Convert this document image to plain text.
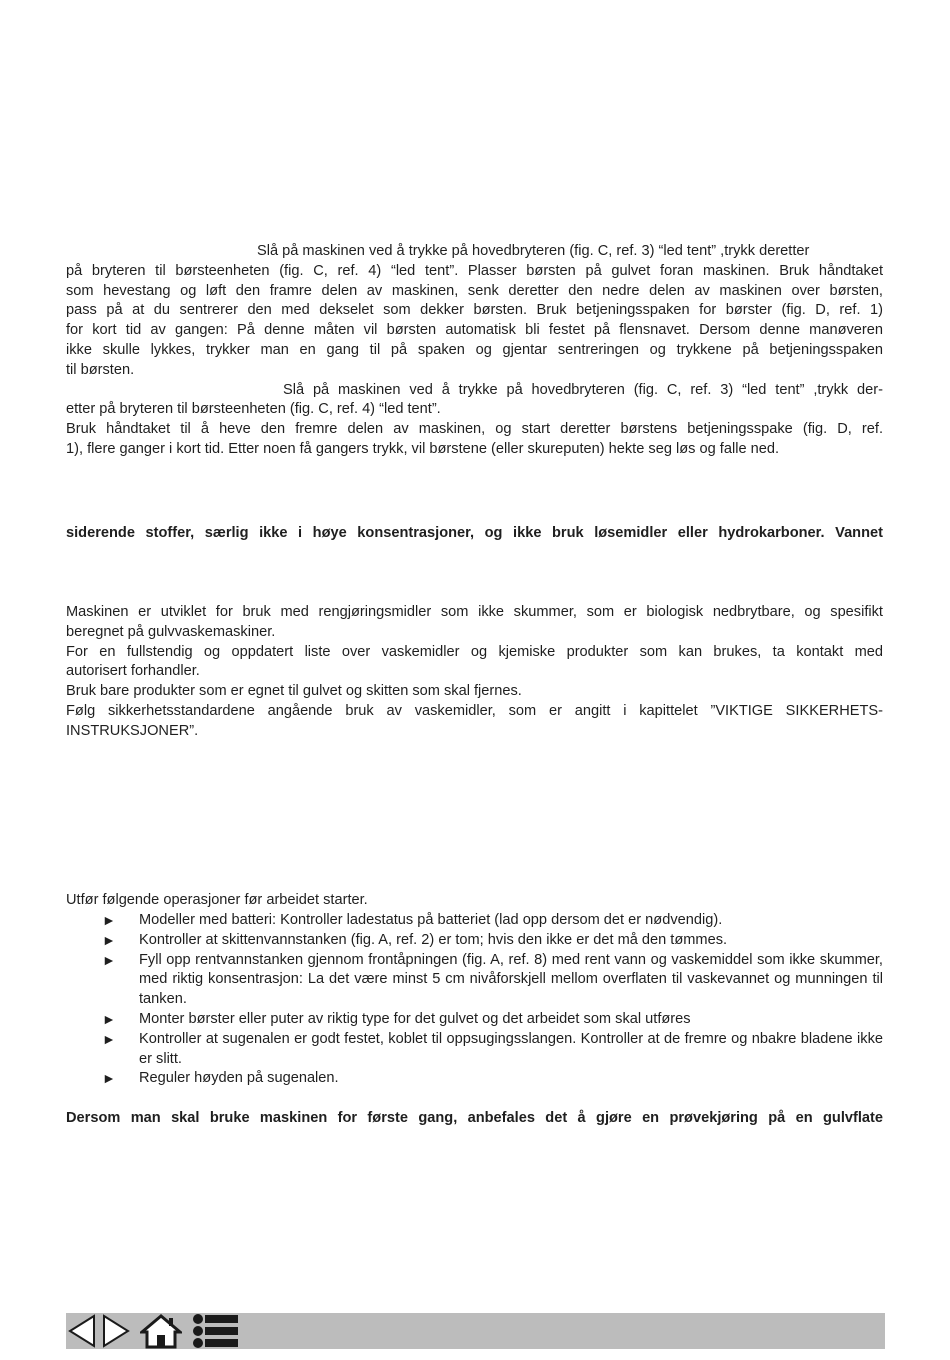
Slå på maskinen ved å trykke på hovedbryteren (fig. C, ref. 3) “led tent” ,trykk deretter
på bryteren til børsteenheten (fig. C, ref. 4) “led tent”. Plasser børsten på gulvet foran maskinen. Bruk håndtaket
som hevestang og løft den framre delen av maskinen, senk deretter den nedre delen av maskinen over børsten,
pass på at du sentrerer den med dekselet som dekker børsten. Bruk betjeningsspaken for børster (fig. D, ref. 1)
for kort tid av gangen: På denne måten vil børsten automatisk bli festet på flensnavet. Dersom denne manøveren
ikke skulle lykkes, trykker man en gang til på spaken og gjentar sentreringen og trykkene på betjeningsspaken
til børsten.
Slå på maskinen ved å trykke på hovedbryteren (fig. C, ref. 3) “led tent” ,trykk der-
etter på bryteren til børsteenheten (fig. C, ref. 4) “led tent”.
Bruk håndtaket til å heve den fremre delen av maskinen, og start deretter børstens betjeningsspake (fig. D, ref.
1), flere ganger i kort tid. Etter noen få gangers trykk, vil børstene (eller skureputen) hekte seg løs og falle ned.
siderende stoffer, særlig ikke i høye konsentrasjoner, og ikke bruk løsemidler eller hydrokarboner. Vannet
Maskinen er utviklet for bruk med rengjøringsmidler som ikke skummer, som er biologisk nedbrytbare, og spesifikt
beregnet på gulvvaskemaskiner.
For en fullstendig og oppdatert liste over vaskemidler og kjemiske produkter som kan brukes, ta kontakt med
autorisert forhandler.
Bruk bare produkter som er egnet til gulvet og skitten som skal fjernes.
Følg sikkerhetsstandardene angående bruk av vaskemidler, som er angitt i kapittelet ”VIKTIGE SIKKERHETS-
INSTRUKSJONER”.
Utfør følgende operasjoner før arbeidet starter.
► Modeller med batteri: Kontroller ladestatus på batteriet (lad opp dersom det er nødvendig).
► Kontroller at skittenvannstanken (fig. A, ref. 2) er tom; hvis den ikke er det må den tømmes.
► Fyll opp rentvannstanken gjennom frontåpningen (fig. A, ref. 8) med rent vann og vaskemiddel som ikke skummer, med riktig konsentrasjon: La det være minst 5 cm nivåforskjell mellom overflaten til vaskevannet og munningen til tanken.
► Monter børster eller puter av riktig type for det gulvet og det arbeidet som skal utføres
► Kontroller at sugenalen er godt festet, koblet til oppsugingsslangen. Kontroller at de fremre og nbakre bladene ikke er slitt.
► Reguler høyden på sugenalen.
Dersom man skal bruke maskinen for første gang, anbefales det å gjøre en prøvekjøring på en gulvflate
